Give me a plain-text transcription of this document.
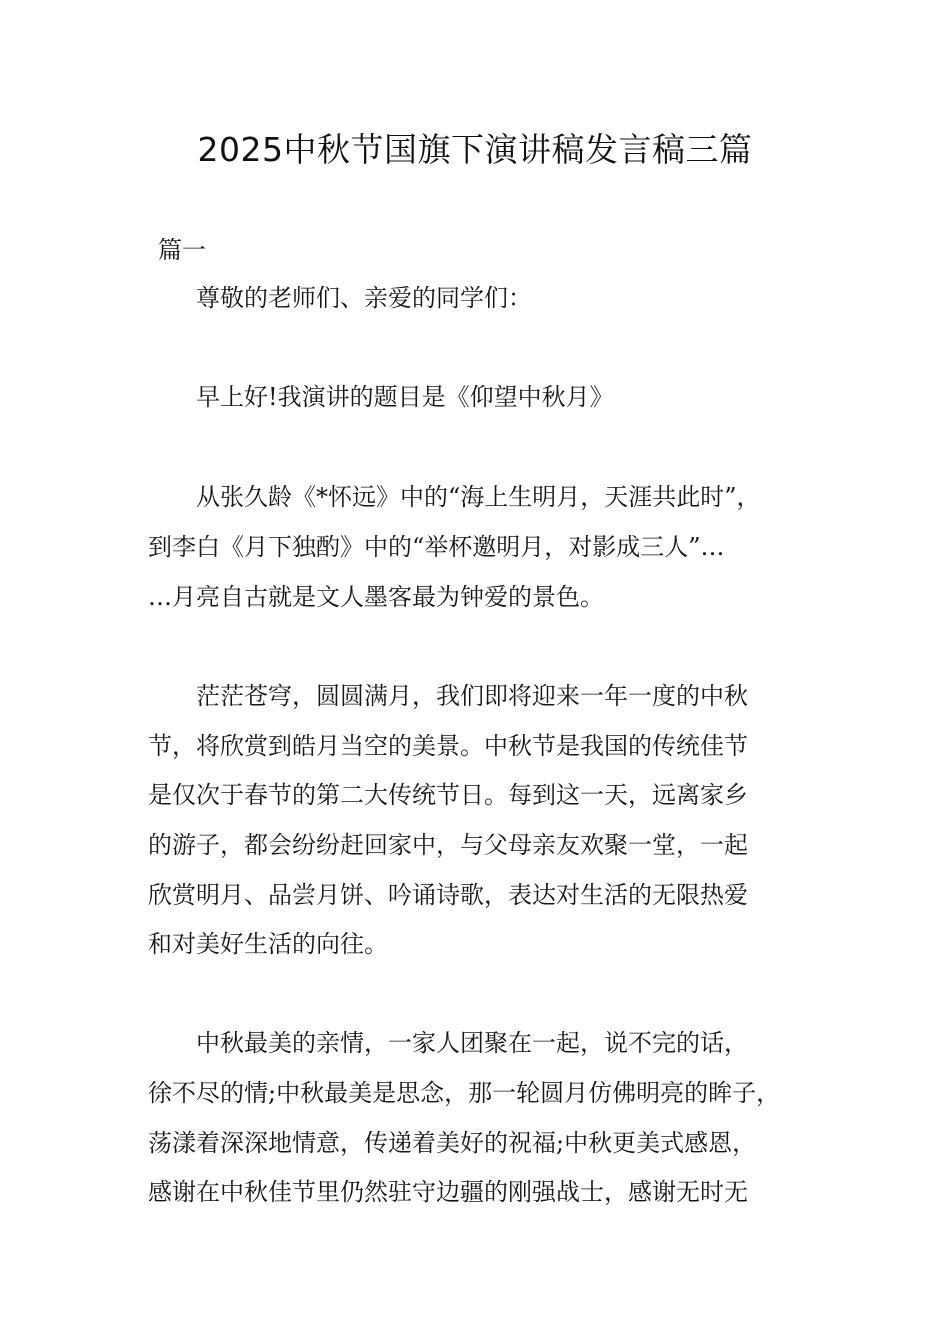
2025中秋节国旗下演讲稿发言稿三篇
篇一
尊敬的老师们、亲爱的同学们：
早上好!我演讲的题目是《仰望中秋月》
从张久龄《*怀远》中的“海上生明月，天涯共此时”，
到李白《月下独酌》中的“举杯邀明月，对影成三人”…
…月亮自古就是文人墨客最为钟爱的景色。
茫茫苍穹，圆圆满月，我们即将迎来一年一度的中秋
节，将欣赏到皓月当空的美景。中秋节是我国的传统佳节
是仅次于春节的第二大传统节日。每到这一天，远离家乡
的游子，都会纷纷赶回家中，与父母亲友欢聚一堂，一起
欣赏明月、品尝月饼、吟诵诗歌，表达对生活的无限热爱
和对美好生活的向往。
中秋最美的亲情，一家人团聚在一起，说不完的话，
徐不尽的情;中秋最美是思念，那一轮圆月仿佛明亮的眸子，
荡漾着深深地情意，传递着美好的祝福;中秋更美式感恩，
感谢在中秋佳节里仍然驻守边疆的刚强战士，感谢无时无
